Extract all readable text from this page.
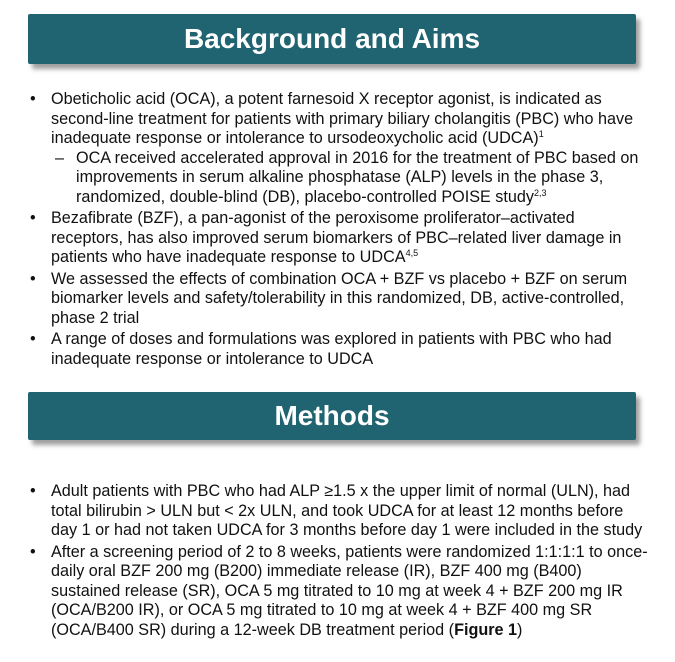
Background and Aims
• Obeticholic acid (OCA), a potent farnesoid X receptor agonist, is indicated as second-line treatment for patients with primary biliary cholangitis (PBC) who have inadequate response or intolerance to ursodeoxycholic acid (UDCA)$^1$
– OCA received accelerated approval in 2016 for the treatment of PBC based on improvements in serum alkaline phosphatase (ALP) levels in the phase 3, randomized, double-blind (DB), placebo-controlled POISE study$^{2,3}$
• Bezafibrate (BZF), a pan-agonist of the peroxisome proliferator–activated receptors, has also improved serum biomarkers of PBC–related liver damage in patients who have inadequate response to UDCA$^{4,5}$
• We assessed the effects of combination OCA + BZF vs placebo + BZF on serum biomarker levels and safety/tolerability in this randomized, DB, active-controlled, phase 2 trial
• A range of doses and formulations was explored in patients with PBC who had inadequate response or intolerance to UDCA
Methods
• Adult patients with PBC who had ALP ≥1.5 x the upper limit of normal (ULN), had total bilirubin > ULN but < 2x ULN, and took UDCA for at least 12 months before day 1 or had not taken UDCA for 3 months before day 1 were included in the study
• After a screening period of 2 to 8 weeks, patients were randomized 1:1:1:1 to once-daily oral BZF 200 mg (B200) immediate release (IR), BZF 400 mg (B400) sustained release (SR), OCA 5 mg titrated to 10 mg at week 4 + BZF 200 mg IR (OCA/B200 IR), or OCA 5 mg titrated to 10 mg at week 4 + BZF 400 mg SR (OCA/B400 SR) during a 12-week DB treatment period (Figure 1)
